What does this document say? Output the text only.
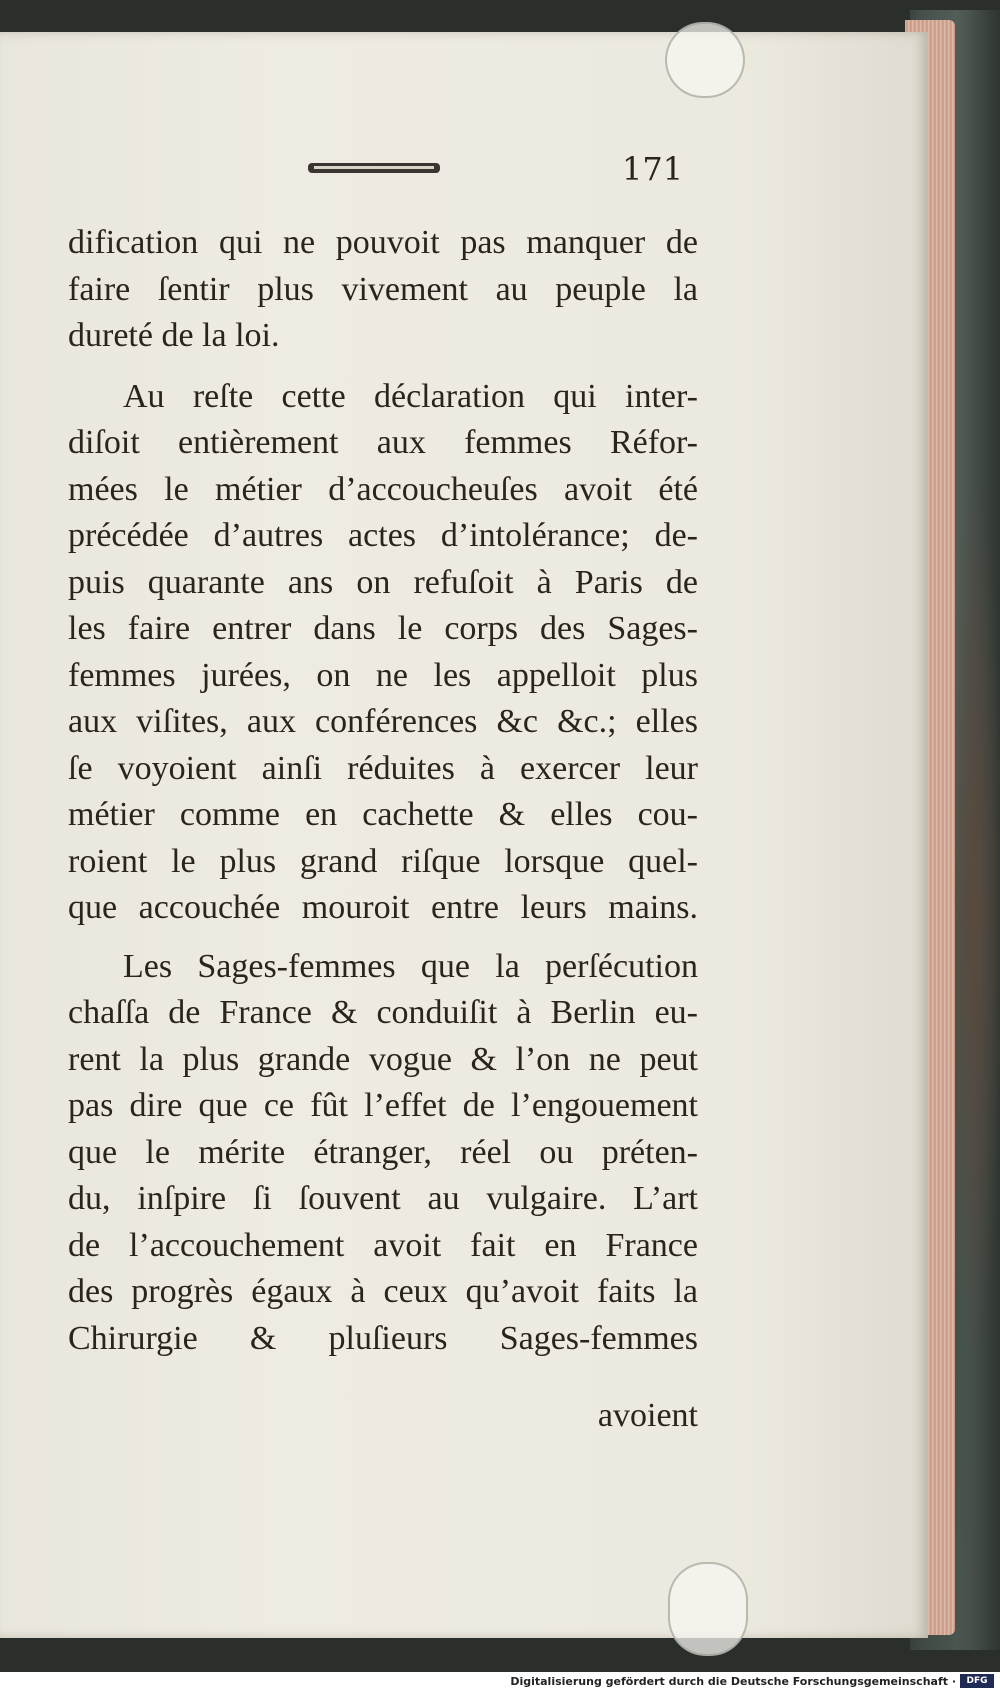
171

dification qui ne pouvoit pas manquer de
faire ſentir plus vivement au peuple la
dureté de la loi.

Au reſte cette déclaration qui inter-
diſoit entièrement aux femmes Réfor-
mées le métier d’accoucheuſes avoit été
précédée d’autres actes d’intolérance; de-
puis quarante ans on refuſoit à Paris de
les faire entrer dans le corps des Sages-
femmes jurées, on ne les appelloit plus
aux viſites, aux conférences &c &c.; elles
ſe voyoient ainſi réduites à exercer leur
métier comme en cachette & elles cou-
roient le plus grand riſque lorsque quel-
que accouchée mouroit entre leurs mains.

Les Sages-femmes que la perſécution
chaſſa de France & conduiſit à Berlin eu-
rent la plus grande vogue & l’on ne peut
pas dire que ce fût l’effet de l’engouement
que le mérite étranger, réel ou préten-
du, inſpire ſi ſouvent au vulgaire. L’art
de l’accouchement avoit fait en France
des progrès égaux à ceux qu’avoit faits la
Chirurgie & pluſieurs Sages-femmes

avoient

Digitalisierung gefördert durch die Deutsche Forschungsgemeinschaft ·	DFG
